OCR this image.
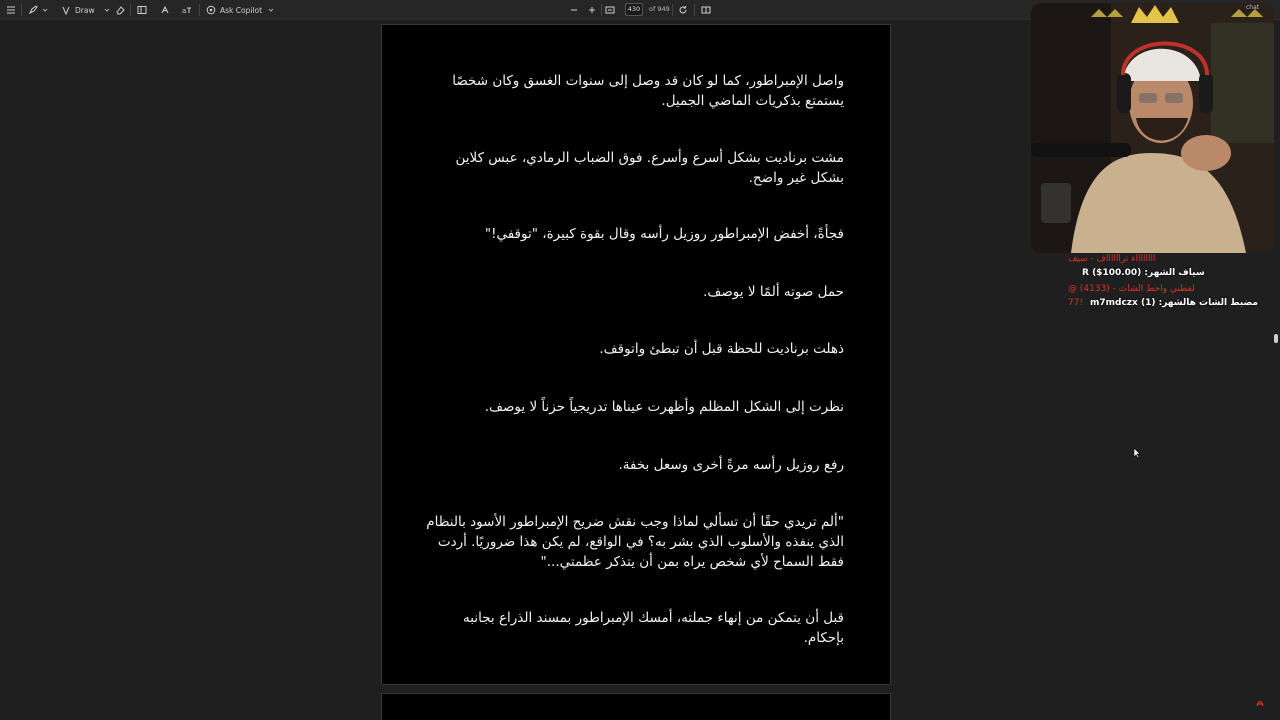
Draw	a	Ask Copilot	430	of 949

واصل الإمبراطور، كما لو كان قد وصل إلى سنوات الغسق وكان شخصًا يستمتع بذكريات الماضي الجميل.

مشت برناديت بشكل أسرع وأسرع. فوق الضباب الرمادي، عبس كلاين بشكل غير واضح.

فجأةً، أخفض الإمبراطور روزيل رأسه وقال بقوة كبيرة، "توقفي!"

حمل صوته ألمًا لا يوصف.

ذهلت برناديت للحظة قبل أن تبطئ واتوقف.

نظرت إلى الشكل المظلم وأظهرت عيناها تدريجياً حزناً لا يوصف.

رفع روزيل رأسه مرةً أخرى وسعل بخفة.

"ألم تريدي حقًا أن تسألي لماذا وجب نقش ضريح الإمبراطور الأسود بالنظام الذي ينفذه والأسلوب الذي بشر به؟ في الواقع، لم يكن هذا ضروريًا. أردت فقط السماح لأي شخص يراه بمن أن يتذكر عظمتي..."

قبل أن يتمكن من إنهاء جملته، أمسك الإمبراطور بمسند الذراع بجانبه بإحكام.

chat
ااااااااء ترااااااف - سيف
R ($100.00) :سياف الشهر
@ لقطني واحط الشات - (4133)
77! m7mdczx (1) :مضبط الشات هالشهر
